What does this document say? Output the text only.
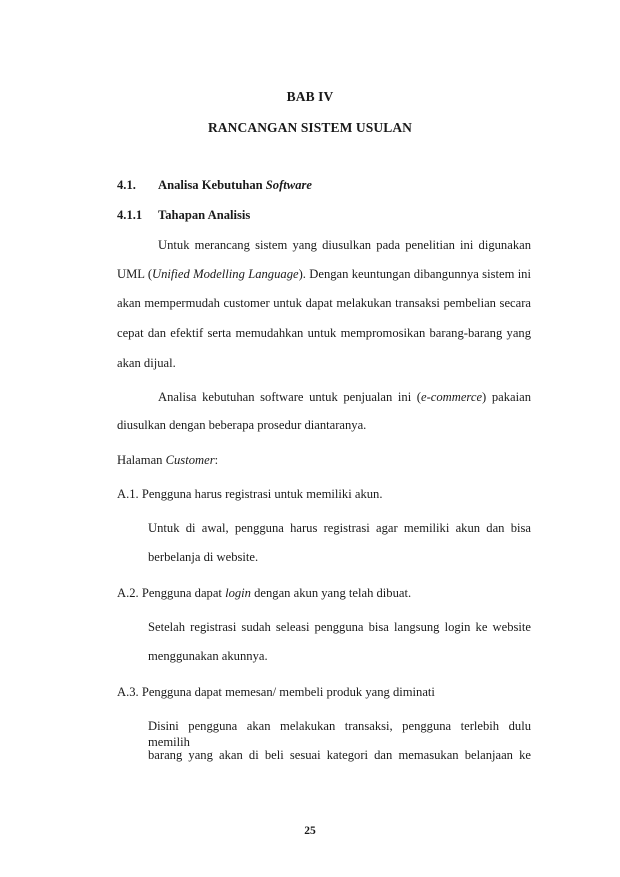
BAB IV
RANCANGAN SISTEM USULAN
4.1. Analisa Kebutuhan Software
4.1.1 Tahapan Analisis
Untuk merancang sistem yang diusulkan pada penelitian ini digunakan
UML (Unified Modelling Language). Dengan keuntungan dibangunnya sistem ini
akan mempermudah customer untuk dapat melakukan transaksi pembelian secara
cepat dan efektif serta memudahkan untuk mempromosikan barang-barang yang
akan dijual.
Analisa kebutuhan software untuk penjualan ini (e-commerce) pakaian
diusulkan dengan beberapa prosedur diantaranya.
Halaman Customer:
A.1. Pengguna harus registrasi untuk memiliki akun.
Untuk di awal, pengguna harus registrasi agar memiliki akun dan bisa
berbelanja di website.
A.2. Pengguna dapat login dengan akun yang telah dibuat.
Setelah registrasi sudah seleasi pengguna bisa langsung login ke website
menggunakan akunnya.
A.3. Pengguna dapat memesan/ membeli produk yang diminati
Disini pengguna akan melakukan transaksi, pengguna terlebih dulu memilih
barang yang akan di beli sesuai kategori dan memasukan belanjaan ke
25
